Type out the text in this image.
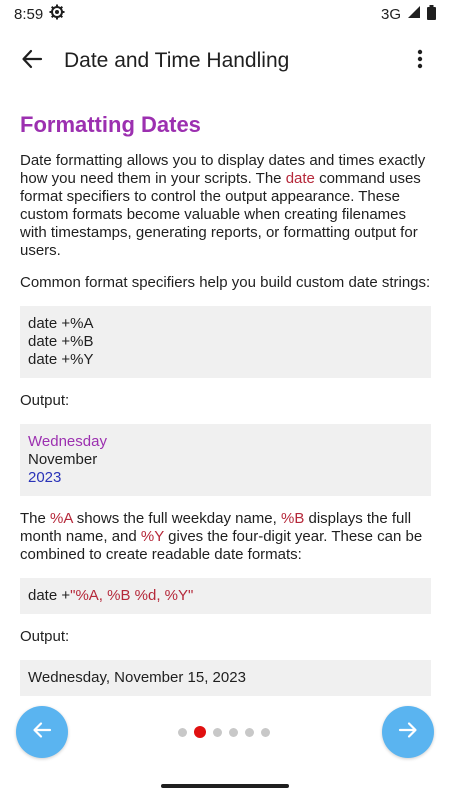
8:59	3G
Date and Time Handling
Formatting Dates

Date formatting allows you to display dates and times exactly how you need them in your scripts. The date command uses format specifiers to control the output appearance. These custom formats become valuable when creating filenames with timestamps, generating reports, or formatting output for users.

Common format specifiers help you build custom date strings:

date +%A
date +%B
date +%Y

Output:

Wednesday
November
2023

The %A shows the full weekday name, %B displays the full month name, and %Y gives the four-digit year. These can be combined to create readable date formats:

date +"%A, %B %d, %Y"

Output:

Wednesday, November 15, 2023
